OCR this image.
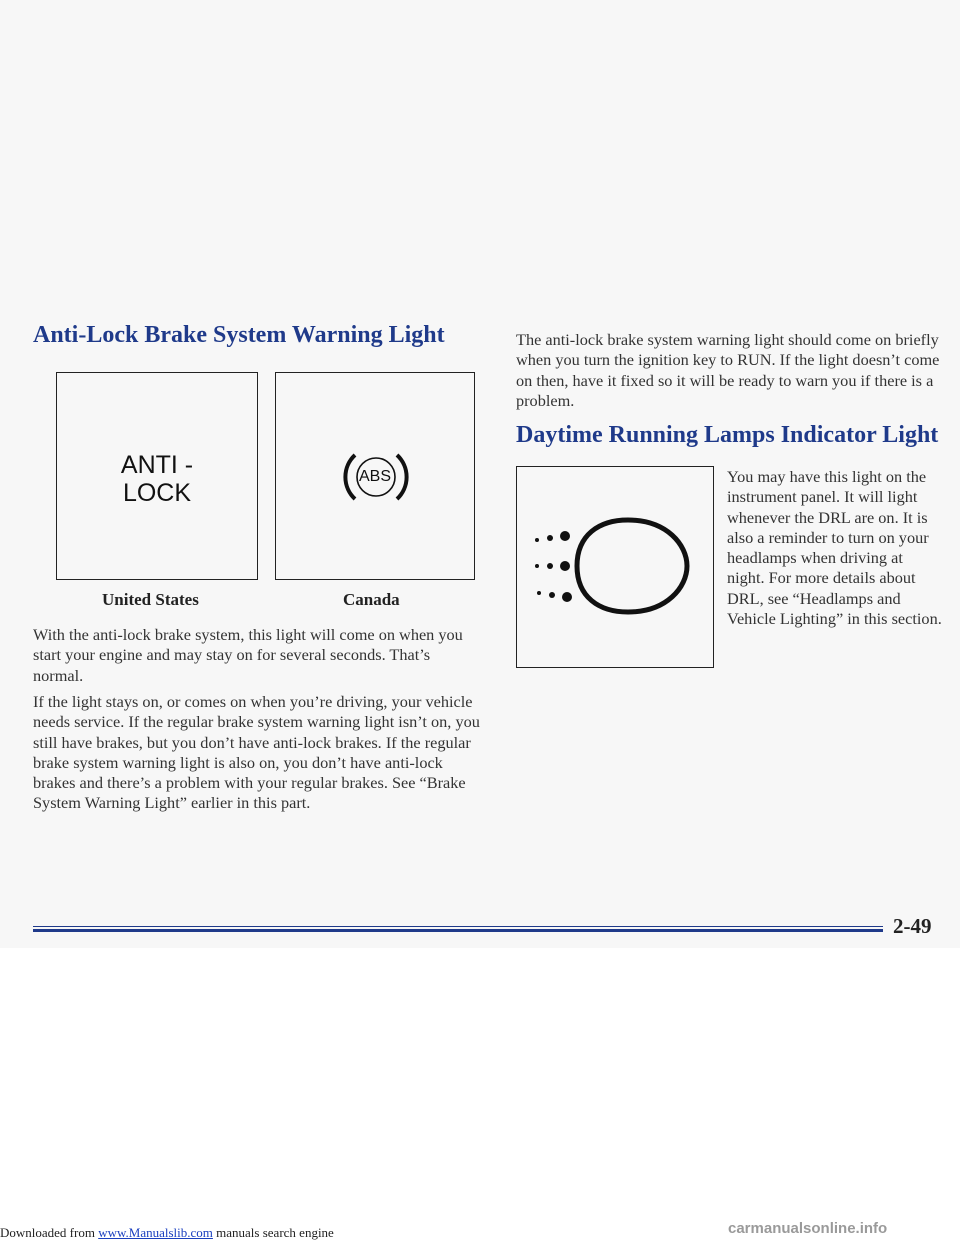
Anti-Lock Brake System Warning Light
ANTI -
LOCK
ABS
United States	Canada

With the anti-lock brake system, this light will come on when you start your engine and may stay on for several seconds. That’s normal.

If the light stays on, or comes on when you’re driving, your vehicle needs service. If the regular brake system warning light isn’t on, you still have brakes, but you don’t have anti-lock brakes. If the regular brake system warning light is also on, you don’t have anti-lock brakes and there’s a problem with your regular brakes. See “Brake System Warning Light” earlier in this part.

The anti-lock brake system warning light should come on briefly when you turn the ignition key to RUN. If the light doesn’t come on then, have it fixed so it will be ready to warn you if there is a problem.

Daytime Running Lamps Indicator Light

You may have this light on the instrument panel. It will light whenever the DRL are on. It is also a reminder to turn on your headlamps when driving at night. For more details about DRL, see “Headlamps and Vehicle Lighting” in this section.

2-49
Downloaded from www.Manualslib.com manuals search engine	carmanualsonline.info
